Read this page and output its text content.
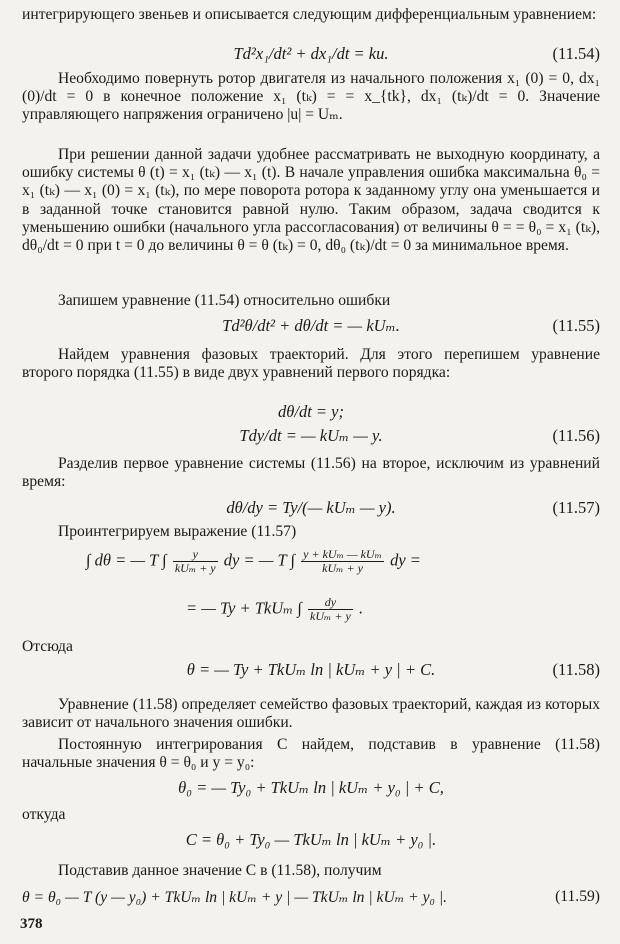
интегрирующего звеньев и описывается следующим дифференциальным уравнением:

Td²x₁/dt² + dx₁/dt = ku.	(11.54)

Необходимо повернуть ротор двигателя из начального положения x₁ (0) = 0, dx₁ (0)/dt = 0 в конечное положение x₁ (tₖ) = = x_{tk}, dx₁ (tₖ)/dt = 0. Значение управляющего напряжения ограничено |u| = Uₘ.

При решении данной задачи удобнее рассматривать не выходную координату, а ошибку системы θ (t) = x₁ (tₖ) — x₁ (t). В начале управления ошибка максимальна θ₀ = x₁ (tₖ) — x₁ (0) = x₁ (tₖ), по мере поворота ротора к заданному углу она уменьшается и в заданной точке становится равной нулю. Таким образом, задача сводится к уменьшению ошибки (начального угла рассогласования) от величины θ = = θ₀ = x₁ (tₖ), dθ₀/dt = 0 при t = 0 до величины θ = θ (tₖ) = 0, dθ₀ (tₖ)/dt = 0 за минимальное время.

Запишем уравнение (11.54) относительно ошибки

Td²θ/dt² + dθ/dt = — kUₘ.	(11.55)

Найдем уравнения фазовых траекторий. Для этого перепишем уравнение второго порядка (11.55) в виде двух уравнений первого порядка:

dθ/dt = y;
Tdy/dt = — kUₘ — y.	(11.56)

Разделив первое уравнение системы (11.56) на второе, исключим из уравнений время:

dθ/dy = Ty/(— kUₘ — y).	(11.57)

Проинтегрируем выражение (11.57)

∫ dθ = — T ∫ $\frac{y}{\text{kUₘ + y}}$ dy = — T ∫ $\frac{\text{y + kUₘ — kUₘ}}{\text{kUₘ + y}}$ dy =
= — Ty + TkUₘ ∫ $\frac{dy}{\text{kUₘ + y}}$ .

Отсюда

θ = — Ty + TkUₘ ln | kUₘ + y | + C.	(11.58)

Уравнение (11.58) определяет семейство фазовых траекторий, каждая из которых зависит от начального значения ошибки.

Постоянную интегрирования C найдем, подставив в уравнение (11.58) начальные значения θ = θ₀ и y = y₀:

θ₀ = — Ty₀ + TkUₘ ln | kUₘ + y₀ | + C,

откуда

C = θ₀ + Ty₀ — TkUₘ ln | kUₘ + y₀ |.

Подставив данное значение C в (11.58), получим

θ = θ₀ — T (y — y₀) + TkUₘ ln | kUₘ + y | — TkUₘ ln | kUₘ + y₀ |.	(11.59)
378
